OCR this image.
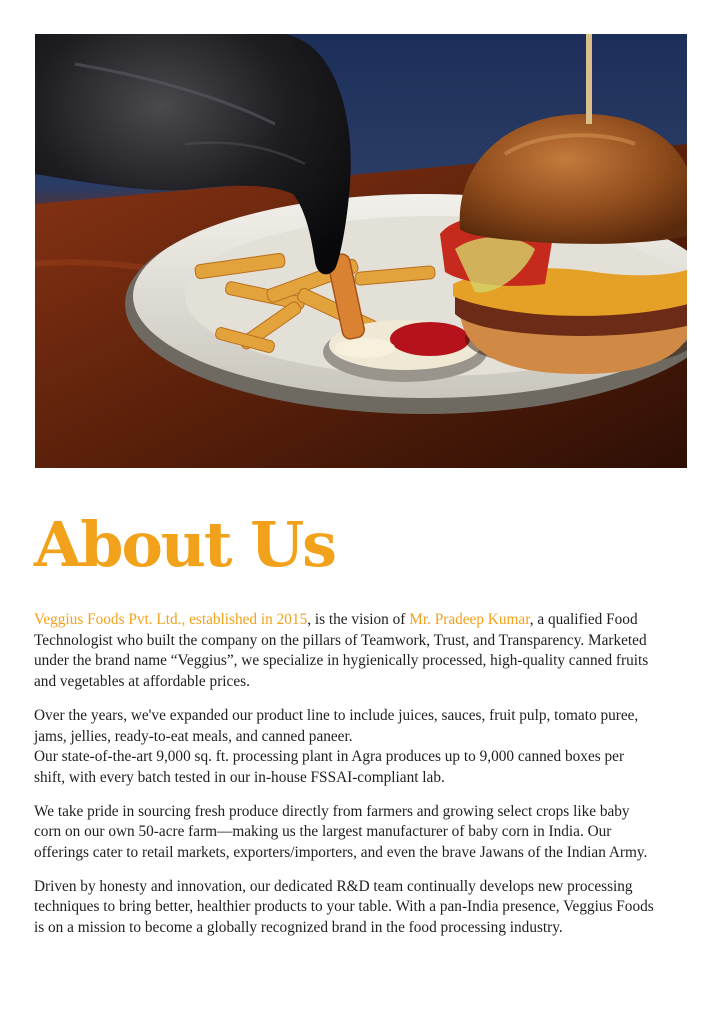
About Us

Veggius Foods Pvt. Ltd., established in 2015, is the vision of Mr. Pradeep Kumar, a qualified Food Technologist who built the company on the pillars of Teamwork, Trust, and Transparency. Marketed under the brand name “Veggius”, we specialize in hygienically processed, high-quality canned fruits and vegetables at affordable prices.

Over the years, we've expanded our product line to include juices, sauces, fruit pulp, tomato puree, jams, jellies, ready-to-eat meals, and canned paneer.
Our state-of-the-art 9,000 sq. ft. processing plant in Agra produces up to 9,000 canned boxes per shift, with every batch tested in our in-house FSSAI-compliant lab.

We take pride in sourcing fresh produce directly from farmers and growing select crops like baby corn on our own 50-acre farm—making us the largest manufacturer of baby corn in India. Our offerings cater to retail markets, exporters/importers, and even the brave Jawans of the Indian Army.

Driven by honesty and innovation, our dedicated R&D team continually develops new processing techniques to bring better, healthier products to your table. With a pan-India presence, Veggius Foods is on a mission to become a globally recognized brand in the food processing industry.
